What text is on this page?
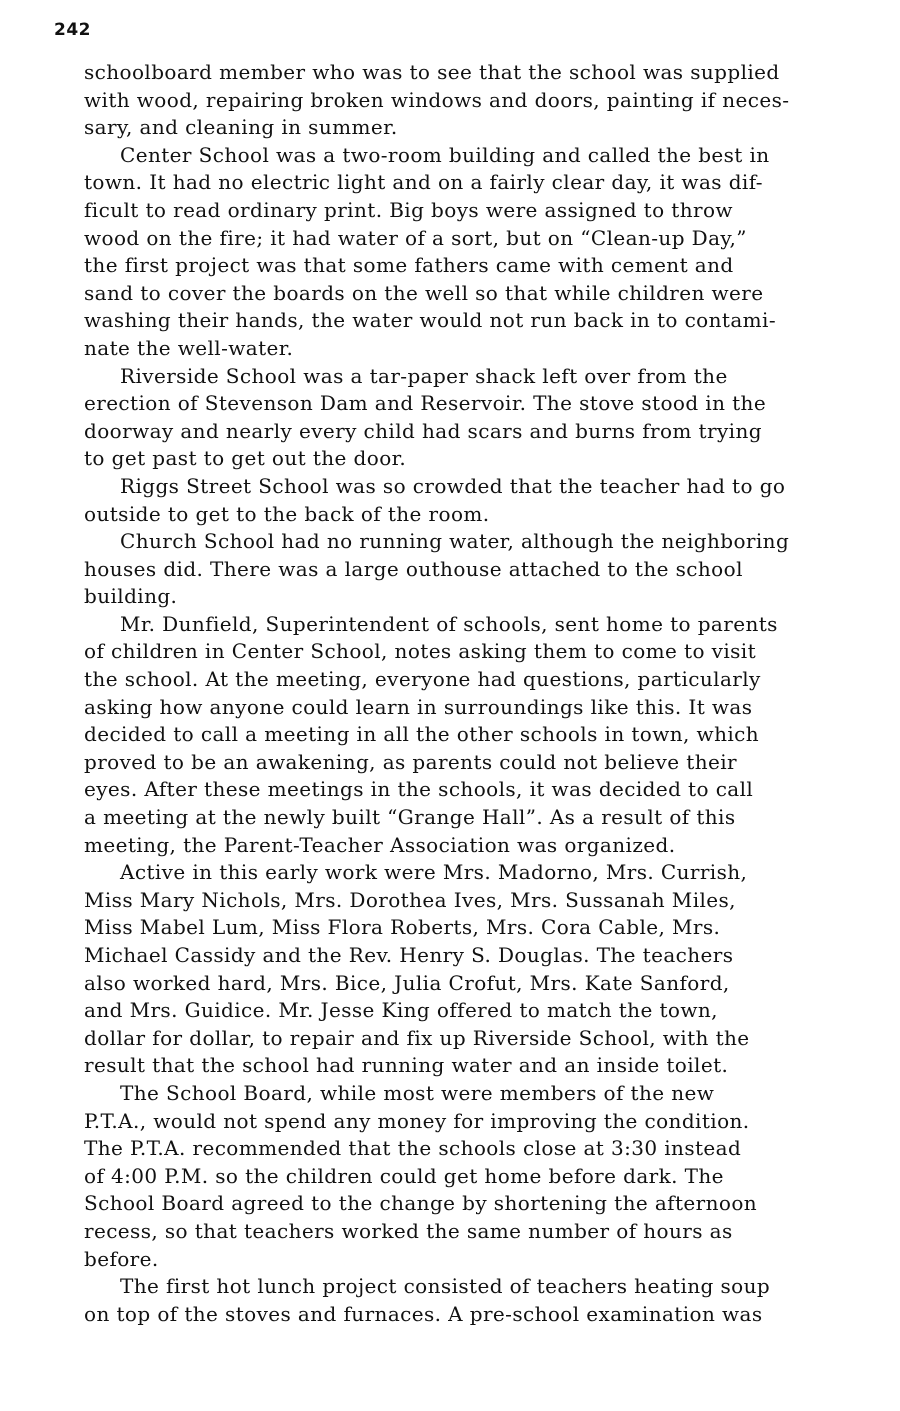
242

schoolboard member who was to see that the school was supplied
with wood, repairing broken windows and doors, painting if neces-
sary, and cleaning in summer.

Center School was a two-room building and called the best in
town. It had no electric light and on a fairly clear day, it was dif-
ficult to read ordinary print. Big boys were assigned to throw
wood on the fire; it had water of a sort, but on “Clean-up Day,”
the first project was that some fathers came with cement and
sand to cover the boards on the well so that while children were
washing their hands, the water would not run back in to contami-
nate the well-water.

Riverside School was a tar-paper shack left over from the
erection of Stevenson Dam and Reservoir. The stove stood in the
doorway and nearly every child had scars and burns from trying
to get past to get out the door.

Riggs Street School was so crowded that the teacher had to go
outside to get to the back of the room.

Church School had no running water, although the neighboring
houses did. There was a large outhouse attached to the school
building.

Mr. Dunfield, Superintendent of schools, sent home to parents
of children in Center School, notes asking them to come to visit
the school. At the meeting, everyone had questions, particularly
asking how anyone could learn in surroundings like this. It was
decided to call a meeting in all the other schools in town, which
proved to be an awakening, as parents could not believe their
eyes. After these meetings in the schools, it was decided to call
a meeting at the newly built “Grange Hall”. As a result of this
meeting, the Parent-Teacher Association was organized.

Active in this early work were Mrs. Madorno, Mrs. Currish,
Miss Mary Nichols, Mrs. Dorothea Ives, Mrs. Sussanah Miles,
Miss Mabel Lum, Miss Flora Roberts, Mrs. Cora Cable, Mrs.
Michael Cassidy and the Rev. Henry S. Douglas. The teachers
also worked hard, Mrs. Bice, Julia Crofut, Mrs. Kate Sanford,
and Mrs. Guidice. Mr. Jesse King offered to match the town,
dollar for dollar, to repair and fix up Riverside School, with the
result that the school had running water and an inside toilet.

The School Board, while most were members of the new
P.T.A., would not spend any money for improving the condition.
The P.T.A. recommended that the schools close at 3:30 instead
of 4:00 P.M. so the children could get home before dark. The
School Board agreed to the change by shortening the afternoon
recess, so that teachers worked the same number of hours as
before.

The first hot lunch project consisted of teachers heating soup
on top of the stoves and furnaces. A pre-school examination was
